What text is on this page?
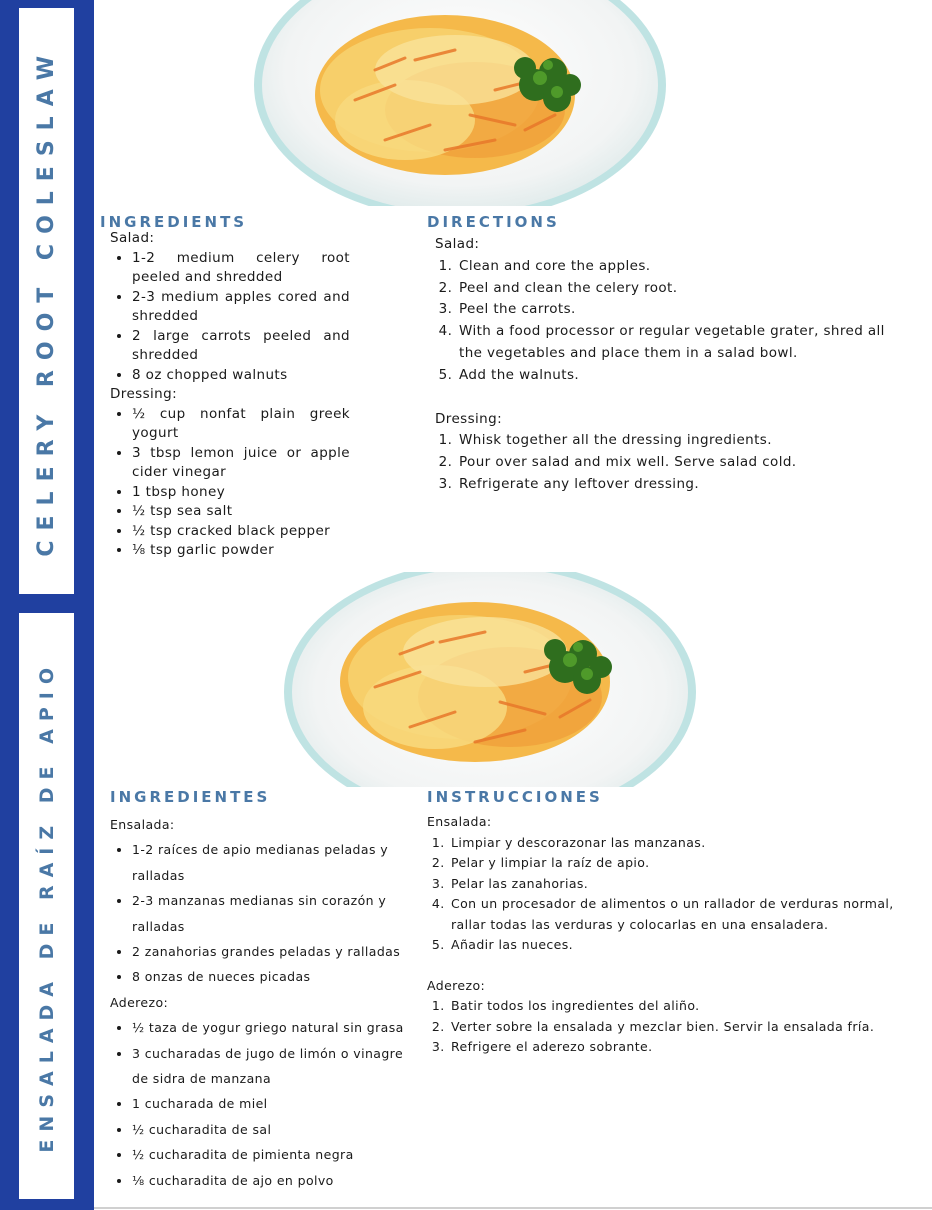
CELERY ROOT COLESLAW
ENSALADA DE RAÍZ DE APIO
INGREDIENTS

Salad:

• 1-2 medium celery root peeled and shredded
• 2-3 medium apples cored and shredded
• 2 large carrots peeled and shredded
• 8 oz chopped walnuts

Dressing:

• ½ cup nonfat plain greek yogurt
• 3 tbsp lemon juice or apple cider vinegar
• 1 tbsp honey
• ½ tsp sea salt
• ½ tsp cracked black pepper
• ⅛ tsp garlic powder
DIRECTIONS

Salad:

1. Clean and core the apples.
2. Peel and clean the celery root.
3. Peel the carrots.
4. With a food processor or regular vegetable grater, shred all the vegetables and place them in a salad bowl.
5. Add the walnuts.

Dressing:

1. Whisk together all the dressing ingredients.
2. Pour over salad and mix well. Serve salad cold.
3. Refrigerate any leftover dressing.
INGREDIENTES

Ensalada:

• 1-2 raíces de apio medianas peladas y ralladas
• 2-3 manzanas medianas sin corazón y ralladas
• 2 zanahorias grandes peladas y ralladas
• 8 onzas de nueces picadas

Aderezo:

• ½ taza de yogur griego natural sin grasa
• 3 cucharadas de jugo de limón o vinagre de sidra de manzana
• 1 cucharada de miel
• ½ cucharadita de sal
• ½ cucharadita de pimienta negra
• ⅛ cucharadita de ajo en polvo
INSTRUCCIONES

Ensalada:

1. Limpiar y descorazonar las manzanas.
2. Pelar y limpiar la raíz de apio.
3. Pelar las zanahorias.
4. Con un procesador de alimentos o un rallador de verduras normal, rallar todas las verduras y colocarlas en una ensaladera.
5. Añadir las nueces.

Aderezo:

1. Batir todos los ingredientes del aliño.
2. Verter sobre la ensalada y mezclar bien. Servir la ensalada fría.
3. Refrigere el aderezo sobrante.
